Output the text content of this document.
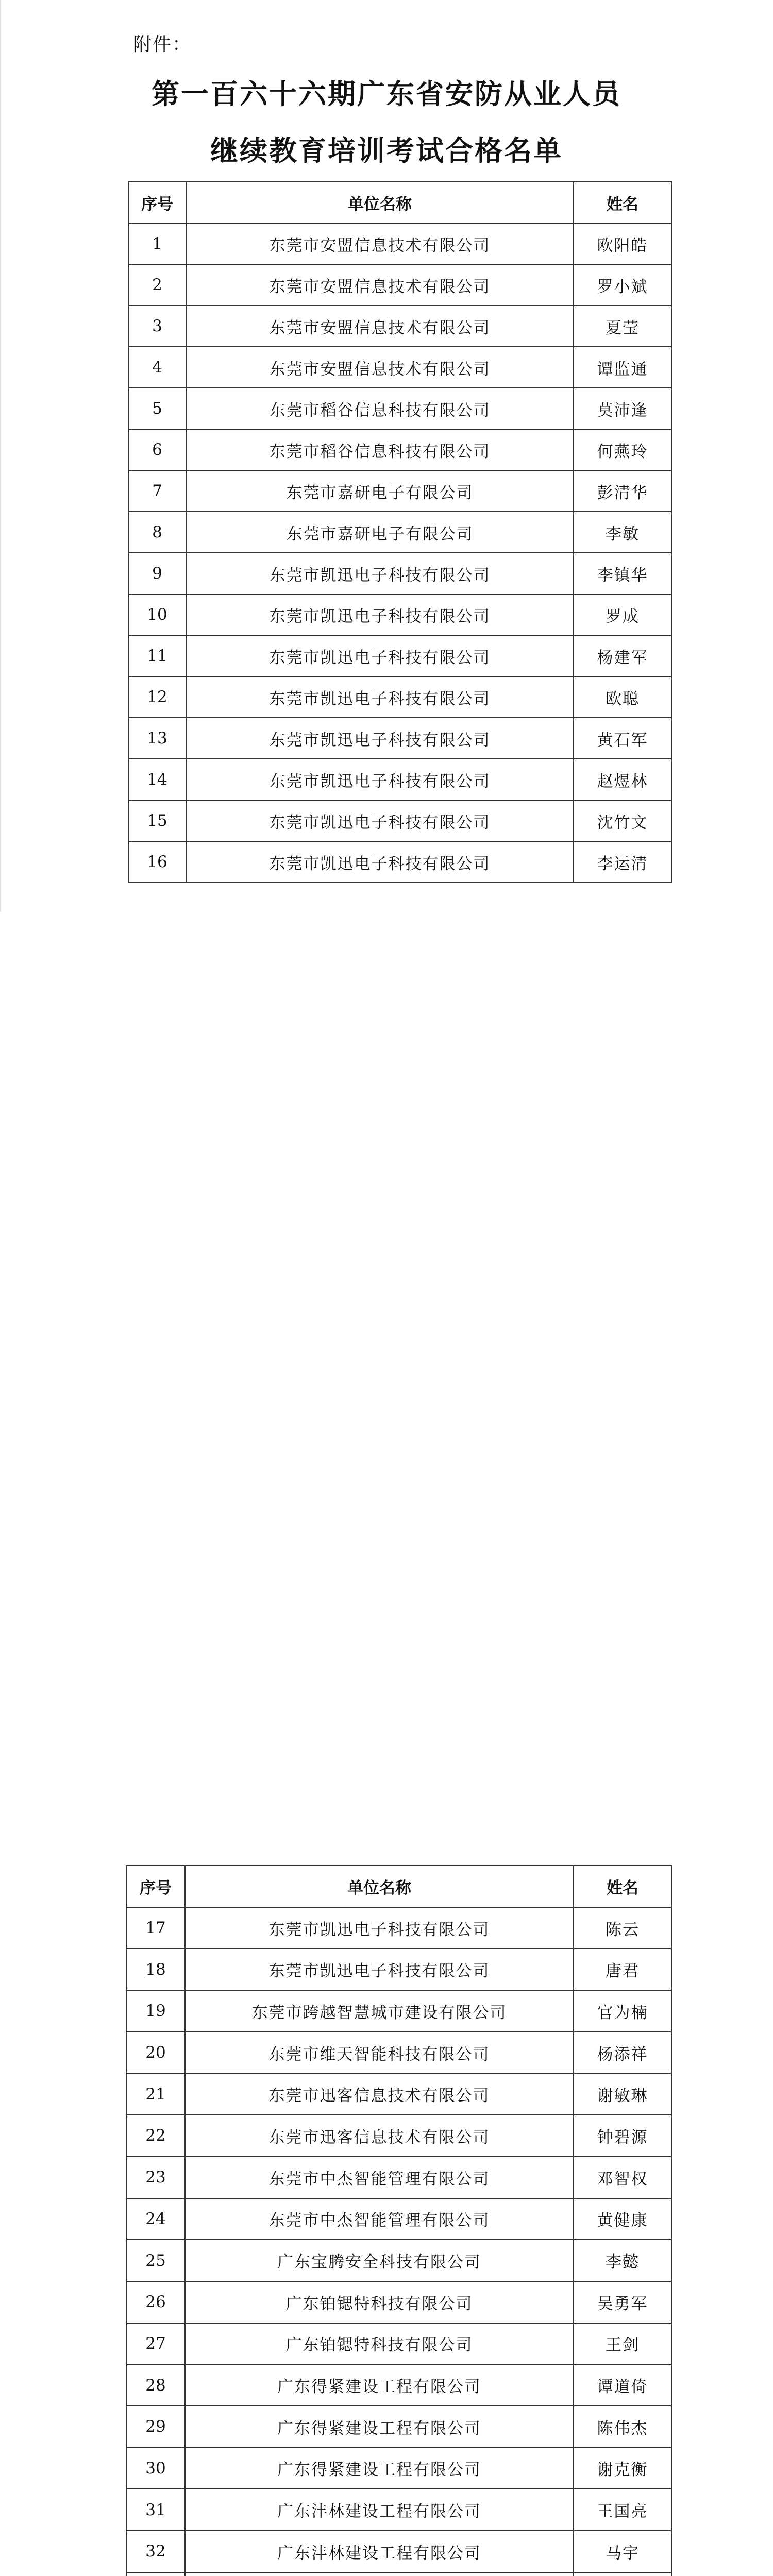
附件：

第一百六十六期广东省安防从业人员
继续教育培训考试合格名单
序号	单位名称	姓名
1	东莞市安盟信息技术有限公司	欧阳皓
2	东莞市安盟信息技术有限公司	罗小斌
3	东莞市安盟信息技术有限公司	夏莹
4	东莞市安盟信息技术有限公司	谭监通
5	东莞市稻谷信息科技有限公司	莫沛逢
6	东莞市稻谷信息科技有限公司	何燕玲
7	东莞市嘉研电子有限公司	彭清华
8	东莞市嘉研电子有限公司	李敏
9	东莞市凯迅电子科技有限公司	李镇华
10	东莞市凯迅电子科技有限公司	罗成
11	东莞市凯迅电子科技有限公司	杨建军
12	东莞市凯迅电子科技有限公司	欧聪
13	东莞市凯迅电子科技有限公司	黄石军
14	东莞市凯迅电子科技有限公司	赵煜林
15	东莞市凯迅电子科技有限公司	沈竹文
16	东莞市凯迅电子科技有限公司	李运清
序号	单位名称	姓名
17	东莞市凯迅电子科技有限公司	陈云
18	东莞市凯迅电子科技有限公司	唐君
19	东莞市跨越智慧城市建设有限公司	官为楠
20	东莞市维天智能科技有限公司	杨添祥
21	东莞市迅客信息技术有限公司	谢敏琳
22	东莞市迅客信息技术有限公司	钟碧源
23	东莞市中杰智能管理有限公司	邓智权
24	东莞市中杰智能管理有限公司	黄健康
25	广东宝腾安全科技有限公司	李懿
26	广东铂锶特科技有限公司	吴勇军
27	广东铂锶特科技有限公司	王剑
28	广东得紧建设工程有限公司	谭道倚
29	广东得紧建设工程有限公司	陈伟杰
30	广东得紧建设工程有限公司	谢克衡
31	广东沣林建设工程有限公司	王国亮
32	广东沣林建设工程有限公司	马宇
